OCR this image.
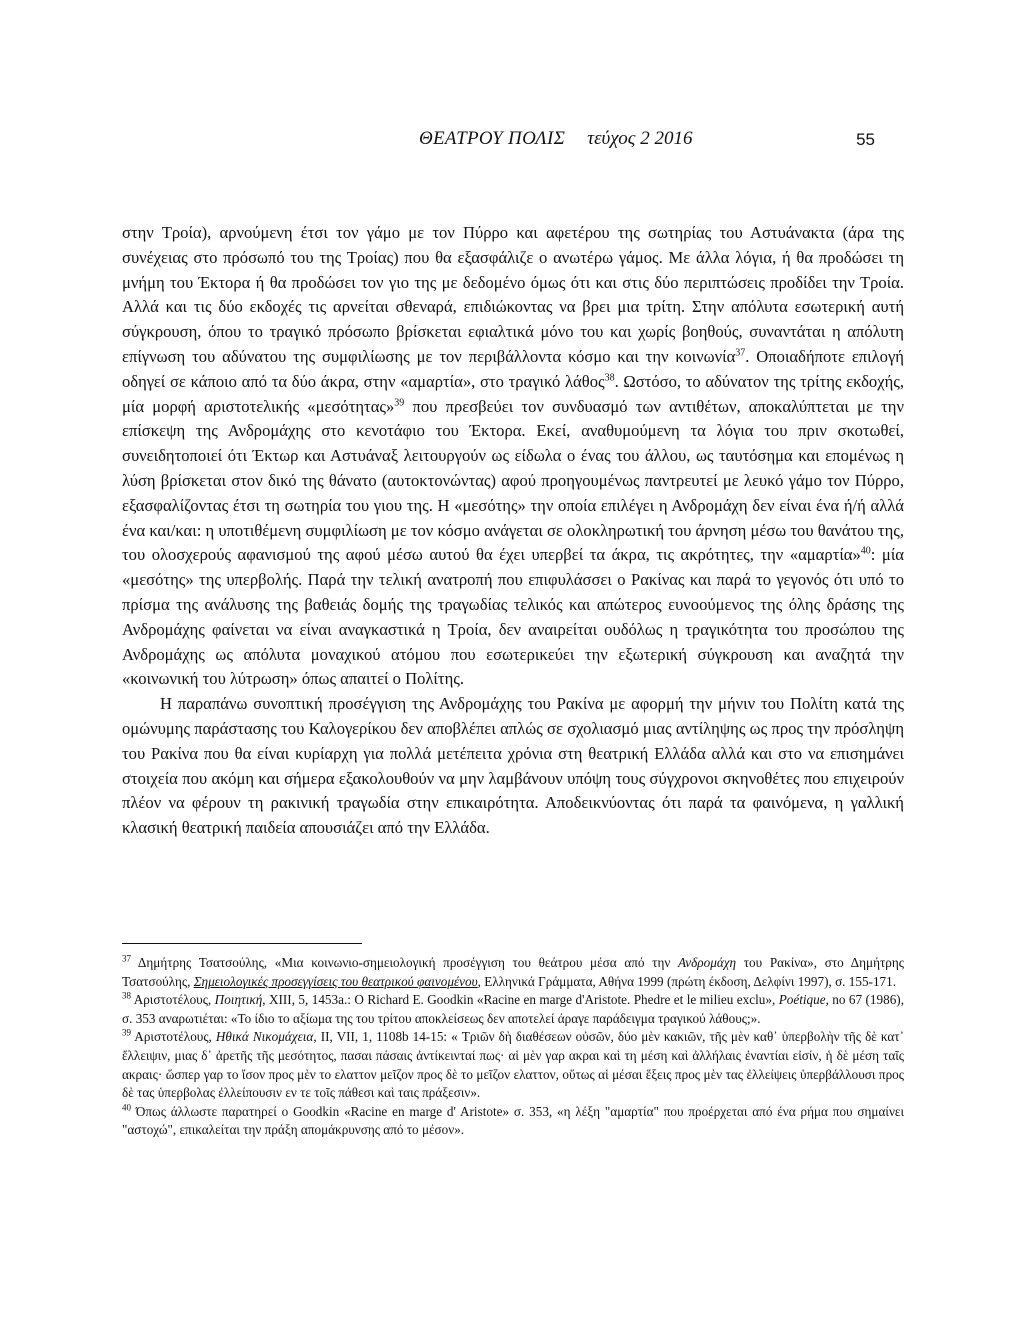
ΘΕΑΤΡΟΥ ΠΟΛΙΣ τεύχος 2 2016	55

στην Τροία), αρνούμενη έτσι τον γάμο με τον Πύρρο και αφετέρου της σωτηρίας του Αστυάνακτα (άρα της συνέχειας στο πρόσωπό του της Τροίας) που θα εξασφάλιζε ο ανωτέρω γάμος. Με άλλα λόγια, ή θα προδώσει τη μνήμη του Έκτορα ή θα προδώσει τον γιο της με δεδομένο όμως ότι και στις δύο περιπτώσεις προδίδει την Τροία. Αλλά και τις δύο εκδοχές τις αρνείται σθεναρά, επιδιώκοντας να βρει μια τρίτη. Στην απόλυτα εσωτερική αυτή σύγκρουση, όπου το τραγικό πρόσωπο βρίσκεται εφιαλτικά μόνο του και χωρίς βοηθούς, συναντάται η απόλυτη επίγνωση του αδύνατου της συμφιλίωσης με τον περιβάλλοντα κόσμο και την κοινωνία$^{37}$. Οποιαδήποτε επιλογή οδηγεί σε κάποιο από τα δύο άκρα, στην «αμαρτία», στο τραγικό λάθος$^{38}$. Ωστόσο, το αδύνατον της τρίτης εκδοχής, μία μορφή αριστοτελικής «μεσότητας»$^{39}$ που πρεσβεύει τον συνδυασμό των αντιθέτων, αποκαλύπτεται με την επίσκεψη της Ανδρομάχης στο κενοτάφιο του Έκτορα. Εκεί, αναθυμούμενη τα λόγια του πριν σκοτωθεί, συνειδητοποιεί ότι Έκτωρ και Αστυάναξ λειτουργούν ως είδωλα ο ένας του άλλου, ως ταυτόσημα και επομένως η λύση βρίσκεται στον δικό της θάνατο (αυτοκτονώντας) αφού προηγουμένως παντρευτεί με λευκό γάμο τον Πύρρο, εξασφαλίζοντας έτσι τη σωτηρία του γιου της. Η «μεσότης» την οποία επιλέγει η Ανδρομάχη δεν είναι ένα ή/ή αλλά ένα και/και: η υποτιθέμενη συμφιλίωση με τον κόσμο ανάγεται σε ολοκληρωτική του άρνηση μέσω του θανάτου της, του ολοσχερούς αφανισμού της αφού μέσω αυτού θα έχει υπερβεί τα άκρα, τις ακρότητες, την «αμαρτία»$^{40}$: μία «μεσότης» της υπερβολής. Παρά την τελική ανατροπή που επιφυλάσσει ο Ρακίνας και παρά το γεγονός ότι υπό το πρίσμα της ανάλυσης της βαθειάς δομής της τραγωδίας τελικός και απώτερος ευνοούμενος της όλης δράσης της Ανδρομάχης φαίνεται να είναι αναγκαστικά η Τροία, δεν αναιρείται ουδόλως η τραγικότητα του προσώπου της Ανδρομάχης ως απόλυτα μοναχικού ατόμου που εσωτερικεύει την εξωτερική σύγκρουση και αναζητά την «κοινωνική του λύτρωση» όπως απαιτεί ο Πολίτης.

Η παραπάνω συνοπτική προσέγγιση της Ανδρομάχης του Ρακίνα με αφορμή την μήνιν του Πολίτη κατά της ομώνυμης παράστασης του Καλογερίκου δεν αποβλέπει απλώς σε σχολιασμό μιας αντίληψης ως προς την πρόσληψη του Ρακίνα που θα είναι κυρίαρχη για πολλά μετέπειτα χρόνια στη θεατρική Ελλάδα αλλά και στο να επισημάνει στοιχεία που ακόμη και σήμερα εξακολουθούν να μην λαμβάνουν υπόψη τους σύγχρονοι σκηνοθέτες που επιχειρούν πλέον να φέρουν τη ρακινική τραγωδία στην επικαιρότητα. Αποδεικνύοντας ότι παρά τα φαινόμενα, η γαλλική κλασική θεατρική παιδεία απουσιάζει από την Ελλάδα.

$^{37}$ Δημήτρης Τσατσούλης, «Μια κοινωνιο-σημειολογική προσέγγιση του θεάτρου μέσα από την Ανδρομάχη του Ρακίνα», στο Δημήτρης Τσατσούλης, Σημειολογικές προσεγγίσεις του θεατρικού φαινομένου, Ελληνικά Γράμματα, Αθήνα 1999 (πρώτη έκδοση, Δελφίνι 1997), σ. 155-171.

$^{38}$ Αριστοτέλους, Ποιητική, XIII, 5, 1453a.: O Richard E. Goodkin «Racine en marge d'Aristote. Phedre et le milieu exclu», Poétique, no 67 (1986), σ. 353 αναρωτιέται: «Το ίδιο το αξίωμα της του τρίτου αποκλείσεως δεν αποτελεί άραγε παράδειγμα τραγικού λάθους;».

$^{39}$ Αριστοτέλους, Ηθικά Νικομάχεια, II, VII, 1, 1108b 14-15: « Τριῶν δὴ διαθέσεων οὐσῶν, δύο μὲν κακιῶν, τῆς μὲν καθ᾽ ὑπερβολὴν τῆς δὲ κατ᾽ ἔλλειψιν, μιας δ᾽ ἀρετῆς τῆς μεσότητος, πασαι πάσαις ἀντίκεινταί πως· αἱ μὲν γαρ ακραι καὶ τη μέση καὶ ἀλλήλαις ἐναντίαι εἰσίν, ἡ δὲ μέση ταῖς ακραις· ὥσπερ γαρ το ἴσον προς μὲν το ελαττον μεῖζον προς δὲ το μεῖζον ελαττον, οὕτως αἱ μέσαι ἕξεις προς μὲν τας ἐλλείψεις ὑπερβάλλουσι προς δὲ τας ὑπερβολας ἐλλείπουσιν εν τε τοῖς πάθεσι καὶ ταις πράξεσιν».

$^{40}$ Όπως άλλωστε παρατηρεί ο Goodkin «Racine en marge d' Aristote» σ. 353, «η λέξη "αμαρτία" που προέρχεται από ένα ρήμα που σημαίνει "αστοχώ", επικαλείται την πράξη απομάκρυνσης από το μέσον».
